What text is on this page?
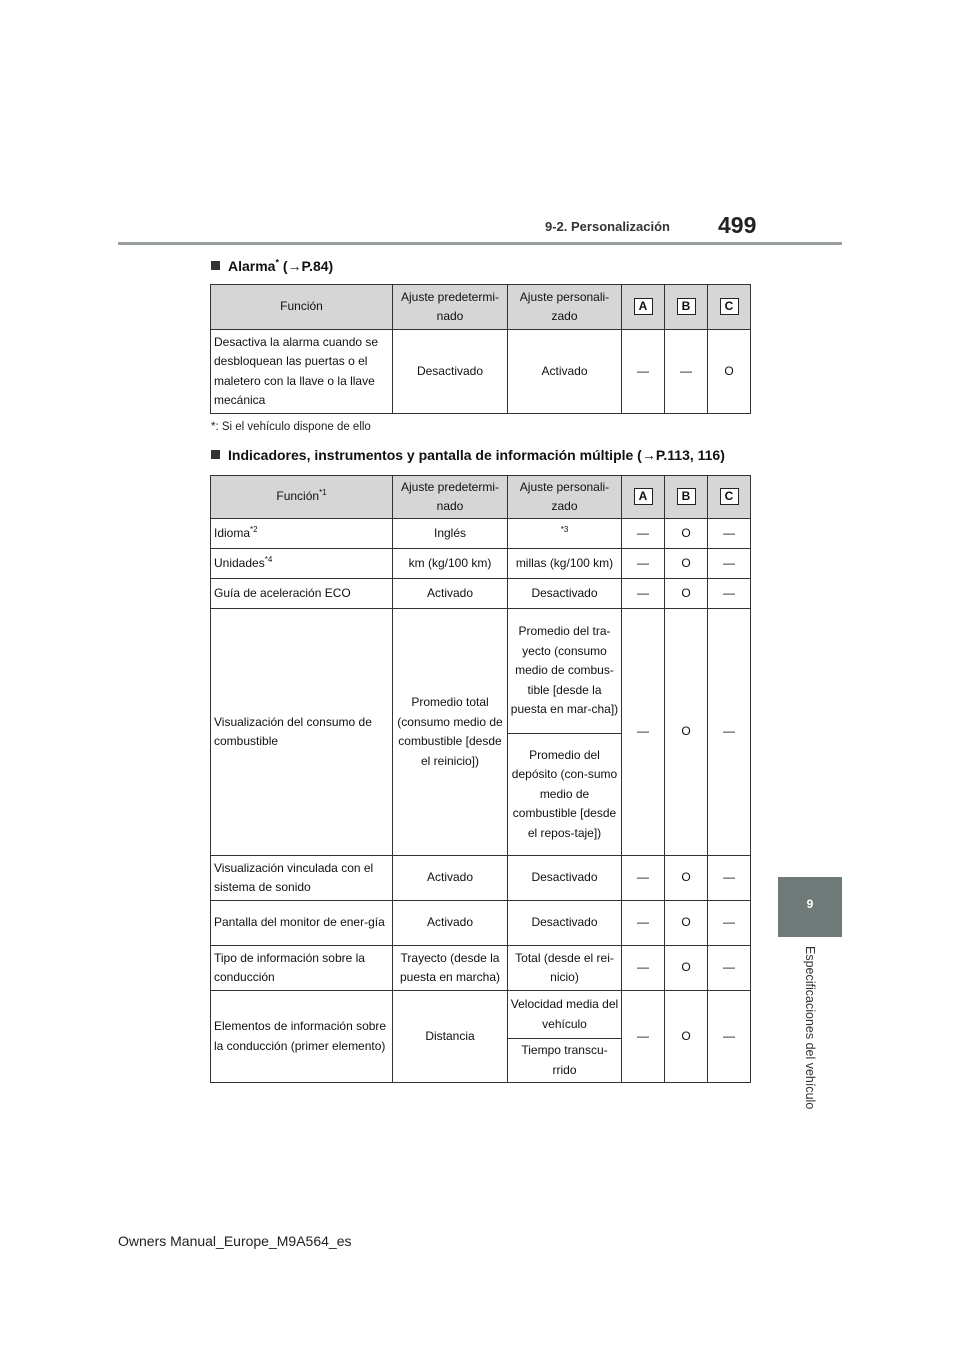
9-2. Personalización 499
9
Especificaciones del vehículo
Alarma* (→P.84)
Función	Ajuste predetermi-nado	Ajuste personali-zado	A	B	C
Desactiva la alarma cuando se desbloquean las puertas o el maletero con la llave o la llave mecánica	Desactivado	Activado	—	—	O
*: Si el vehículo dispone de ello
Indicadores, instrumentos y pantalla de información múltiple (→P.113, 116)
Función$^{*1}$	Ajuste predetermi-nado	Ajuste personali-zado	A	B	C
Idioma$^{*2}$	Inglés	$^{*3}$	—	O	—
Unidades$^{*4}$	km (kg/100 km)	millas (kg/100 km)	—	O	—
Guía de aceleración ECO	Activado	Desactivado	—	O	—
Visualización del consumo de combustible	Promedio total (consumo medio de combustible [desde el reinicio])	Promedio del tra-yecto (consumo medio de combus-tible [desde la puesta en mar-cha])	—	O	—
		Promedio del depósito (con-sumo medio de combustible [desde el repos-taje])			
Visualización vinculada con el sistema de sonido	Activado	Desactivado	—	O	—
Pantalla del monitor de ener-gía	Activado	Desactivado	—	O	—
Tipo de información sobre la conducción	Trayecto (desde la puesta en marcha)	Total (desde el rei-nicio)	—	O	—
Elementos de información sobre la conducción (primer elemento)	Distancia	Velocidad media del vehículo	—	O	—
		Tiempo transcu-rrido			
Owners Manual_Europe_M9A564_es
